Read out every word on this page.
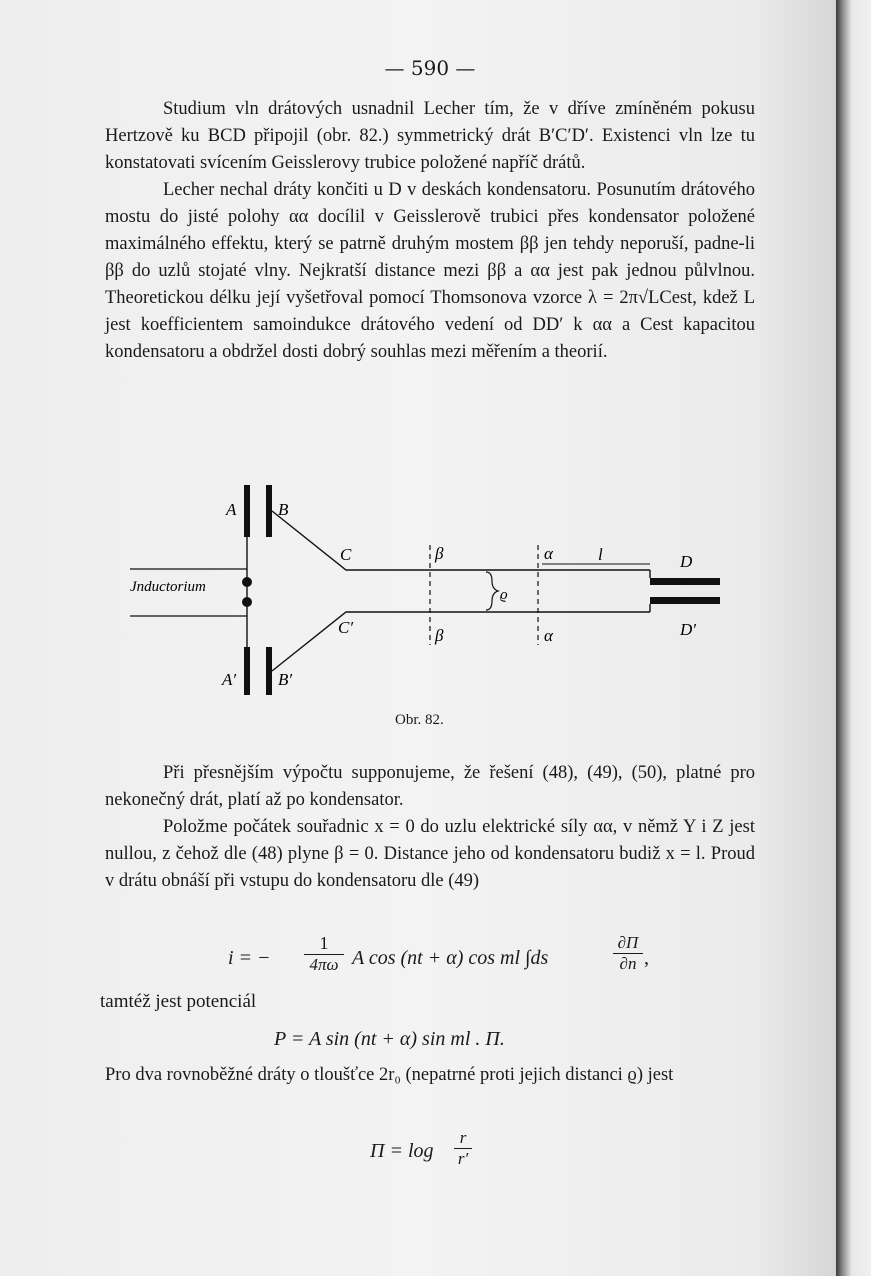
— 590 —

Studium vln drátových usnadnil Lecher tím, že v dříve zmíněném pokusu Hertzově ku BCD připojil (obr. 82.) symmetrický drát B′C′D′. Existenci vln lze tu konstatovati svícením Geisslerovy trubice položené napříč drátů.

Lecher nechal dráty končiti u D v deskách kondensatoru. Posunutím drátového mostu do jisté polohy αα docílil v Geisslerově trubici přes kondensator položené maximálného effektu, který se patrně druhým mostem ββ jen tehdy neporuší, padne-li ββ do uzlů stojaté vlny. Nejkratší distance mezi ββ a αα jest pak jednou půlvlnou. Theoretickou délku její vyšetřoval pomocí Thomsonova vzorce λ = 2π√LCest, kdež L jest koefficientem samoindukce drátového vedení od DD′ k αα a Cest kapacitou kondensatoru a obdržel dosti dobrý souhlas mezi měřením a theorií.

A B
A′ B′
C
C′
D
D′
β
β
α
α
l
ϱ
Jnductorium
Obr. 82.

Při přesnějším výpočtu supponujeme, že řešení (48), (49), (50), platné pro nekonečný drát, platí až po kondensator.

Položme počátek souřadnic x = 0 do uzlu elektrické síly αα, v němž Y i Z jest nullou, z čehož dle (48) plyne β = 0. Distance jeho od kondensatoru budiž x = l. Proud v drátu obnáší při vstupu do kondensatoru dle (49)

i = − $\frac{1}{4\pi\omega}$ A cos (nt + α) cos ml ∫ds	$\frac{\partial\Pi}{\partial n}$ ,
tamtéž jest potenciál
P = A sin (nt + α) sin ml . Π.

Pro dva rovnoběžné dráty o tloušťce 2r₀ (nepatrné proti jejich distanci ϱ) jest

$\Pi = \log \frac{r}{r'}$
